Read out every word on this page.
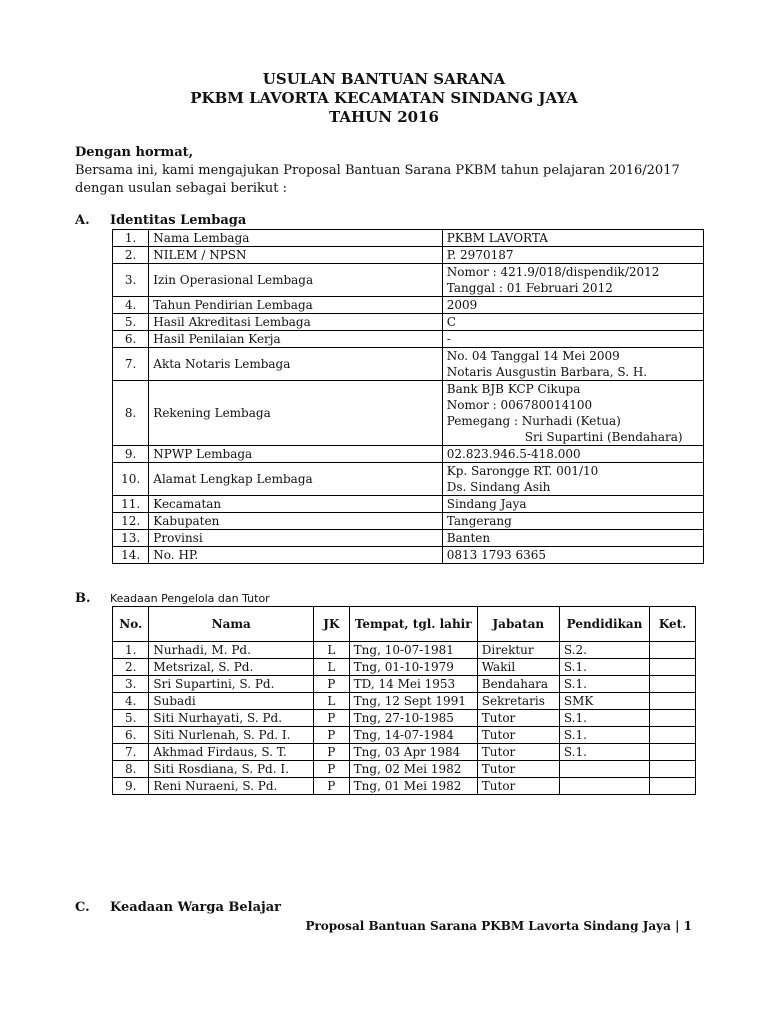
USULAN BANTUAN SARANA
PKBM LAVORTA KECAMATAN SINDANG JAYA
TAHUN 2016
Dengan hormat,
Bersama ini, kami mengajukan Proposal Bantuan Sarana PKBM tahun pelajaran 2016/2017 dengan usulan sebagai berikut :
A. Identitas Lembaga
1.	Nama Lembaga	PKBM LAVORTA

2.	NILEM / NPSN	P. 2970187

3.	Izin Operasional Lembaga	Nomor : 421.9/018/dispendik/2012
Tanggal : 01 Februari 2012

4.	Tahun Pendirian Lembaga	2009

5.	Hasil Akreditasi Lembaga	C

6.	Hasil Penilaian Kerja	-

7.	Akta Notaris Lembaga	No. 04 Tanggal 14 Mei 2009
Notaris Ausgustin Barbara, S. H.

8.	Rekening Lembaga	Bank BJB KCP Cikupa
Nomor : 006780014100
Pemegang : Nurhadi (Ketua)
Sri Supartini (Bendahara)

9.	NPWP Lembaga	02.823.946.5-418.000

10.	Alamat Lengkap Lembaga	Kp. Sarongge RT. 001/10
Ds. Sindang Asih

11.	Kecamatan	Sindang Jaya

12.	Kabupaten	Tangerang

13.	Provinsi	Banten

14.	No. HP.	0813 1793 6365
B. Keadaan Pengelola dan Tutor
No.	Nama	JK	Tempat, tgl. lahir	Jabatan	Pendidikan	Ket.
1.	Nurhadi, M. Pd.	L	Tng, 10-07-1981	Direktur	S.2.	
2.	Metsrizal, S. Pd.	L	Tng, 01-10-1979	Wakil	S.1.	
3.	Sri Supartini, S. Pd.	P	TD, 14 Mei 1953	Bendahara	S.1.	
4.	Subadi	L	Tng, 12 Sept 1991	Sekretaris	SMK	
5.	Siti Nurhayati, S. Pd.	P	Tng, 27-10-1985	Tutor	S.1.	
6.	Siti Nurlenah, S. Pd. I.	P	Tng, 14-07-1984	Tutor	S.1.	
7.	Akhmad Firdaus, S. T.	P	Tng, 03 Apr 1984	Tutor	S.1.	
8.	Siti Rosdiana, S. Pd. I.	P	Tng, 02 Mei 1982	Tutor		
9.	Reni Nuraeni, S. Pd.	P	Tng, 01 Mei 1982	Tutor		
C. Keadaan Warga Belajar
Proposal Bantuan Sarana PKBM Lavorta Sindang Jaya | 1
